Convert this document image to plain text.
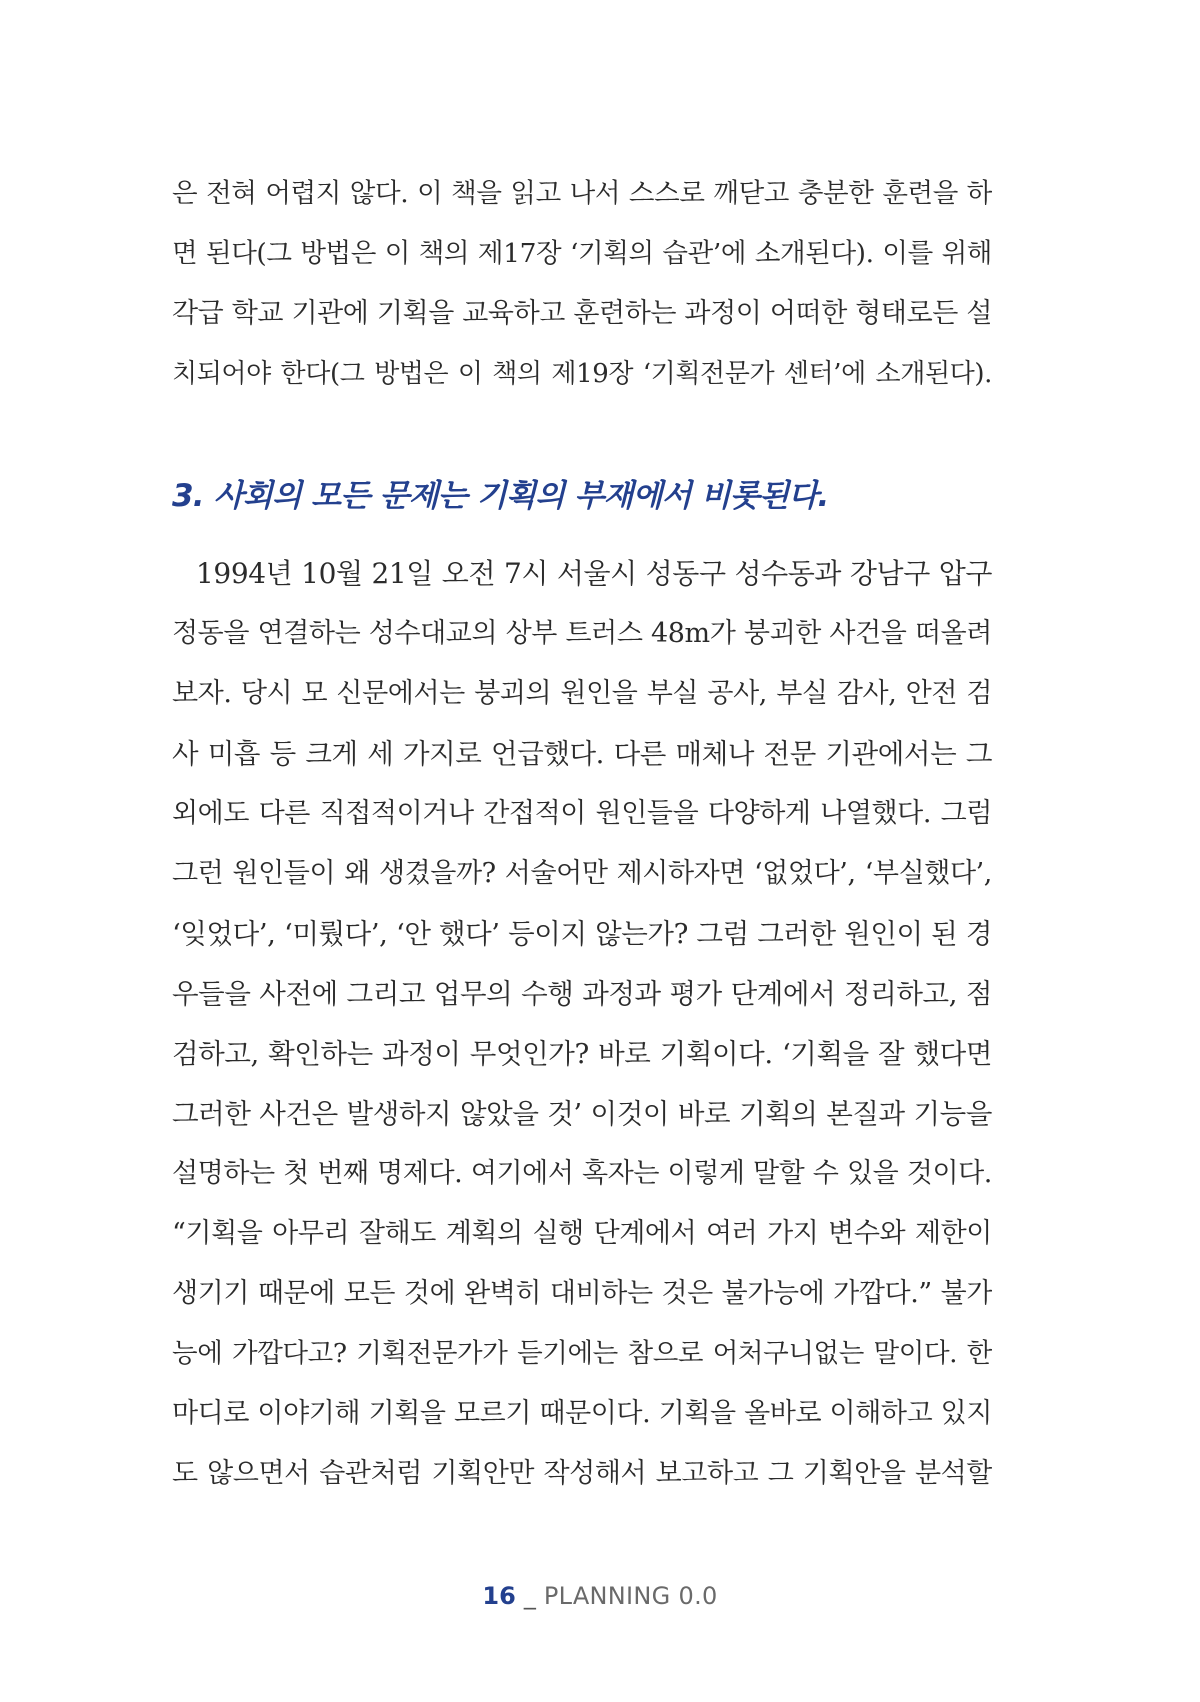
은 전혀 어렵지 않다. 이 책을 읽고 나서 스스로 깨닫고 충분한 훈련을 하
면 된다(그 방법은 이 책의 제17장 ‘기획의 습관’에 소개된다). 이를 위해
각급 학교 기관에 기획을 교육하고 훈련하는 과정이 어떠한 형태로든 설
치되어야 한다(그 방법은 이 책의 제19장 ‘기획전문가 센터’에 소개된다).
3. 사회의 모든 문제는 기획의 부재에서 비롯된다.
1994년 10월 21일 오전 7시 서울시 성동구 성수동과 강남구 압구
정동을 연결하는 성수대교의 상부 트러스 48m가 붕괴한 사건을 떠올려
보자. 당시 모 신문에서는 붕괴의 원인을 부실 공사, 부실 감사, 안전 검
사 미흡 등 크게 세 가지로 언급했다. 다른 매체나 전문 기관에서는 그
외에도 다른 직접적이거나 간접적이 원인들을 다양하게 나열했다. 그럼
그런 원인들이 왜 생겼을까? 서술어만 제시하자면 ‘없었다’, ‘부실했다’,
‘잊었다’, ‘미뤘다’, ‘안 했다’ 등이지 않는가? 그럼 그러한 원인이 된 경
우들을 사전에 그리고 업무의 수행 과정과 평가 단계에서 정리하고, 점
검하고, 확인하는 과정이 무엇인가? 바로 기획이다. ‘기획을 잘 했다면
그러한 사건은 발생하지 않았을 것’ 이것이 바로 기획의 본질과 기능을
설명하는 첫 번째 명제다. 여기에서 혹자는 이렇게 말할 수 있을 것이다.
“기획을 아무리 잘해도 계획의 실행 단계에서 여러 가지 변수와 제한이
생기기 때문에 모든 것에 완벽히 대비하는 것은 불가능에 가깝다.” 불가
능에 가깝다고? 기획전문가가 듣기에는 참으로 어처구니없는 말이다. 한
마디로 이야기해 기획을 모르기 때문이다. 기획을 올바로 이해하고 있지
도 않으면서 습관처럼 기획안만 작성해서 보고하고 그 기획안을 분석할
16 _ PLANNING 0.0
